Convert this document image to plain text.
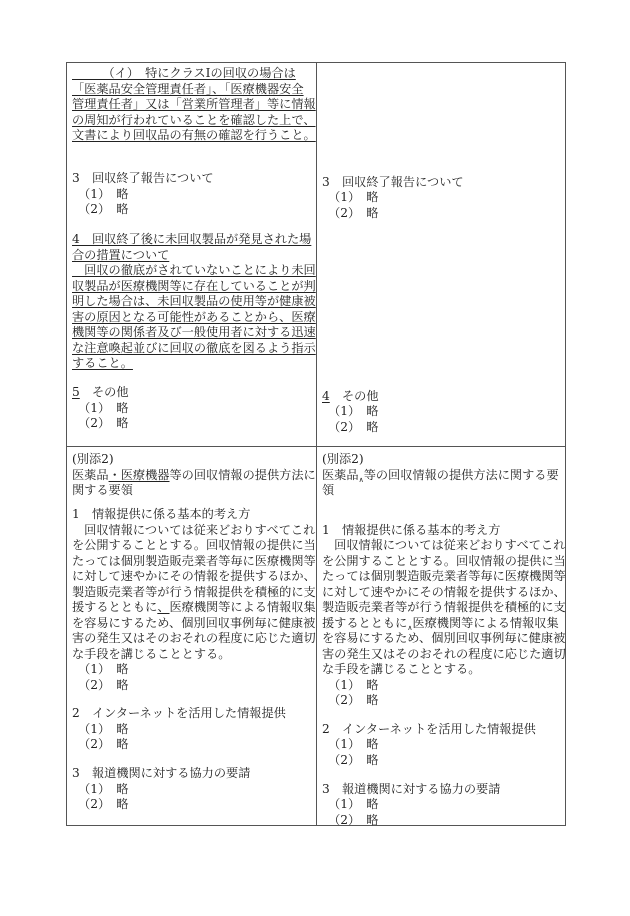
　　　（イ）　特にクラスⅠの回収の場合は
「医薬品安全管理責任者」、「医療機器安全
管理責任者」又は「営業所管理者」等に情報
の周知が行われていることを確認した上で、
文書により回収品の有無の確認を行うこと。
3　回収終了報告について
　（1）　略
　（2）　略
4　回収終了後に未回収製品が発見された場
合の措置について
　回収の徹底がされていないことにより未回
収製品が医療機関等に存在していることが判
明した場合は、未回収製品の使用等が健康被
害の原因となる可能性があることから、医療
機関等の関係者及び一般使用者に対する迅速
な注意喚起並びに回収の徹底を図るよう指示
すること。
5　その他
　（1）　略
　（2）　略
3　回収終了報告について
　（1）　略
　（2）　略
4　その他
　（1）　略
　（2）　略
(別添2)
医薬品・医療機器等の回収情報の提供方法に
関する要領
1　情報提供に係る基本的考え方
　回収情報については従来どおりすべてこれ
を公開することとする。回収情報の提供に当
たっては個別製造販売業者等毎に医療機関等
に対して速やかにその情報を提供するほか、
製造販売業者等が行う情報提供を積極的に支
援するとともに、医療機関等による情報収集
を容易にするため、個別回収事例毎に健康被
害の発生又はそのおそれの程度に応じた適切
な手段を講じることとする。
　（1）　略
　（2）　略
2　インターネットを活用した情報提供
　（1）　略
　（2）　略
3　報道機関に対する協力の要請
　（1）　略
　（2）　略
(別添2)
医薬品$_\wedge$等の回収情報の提供方法に関する要
領
1　情報提供に係る基本的考え方
　回収情報については従来どおりすべてこれ
を公開することとする。回収情報の提供に当
たっては個別製造販売業者等毎に医療機関等
に対して速やかにその情報を提供するほか、
製造販売業者等が行う情報提供を積極的に支
援するとともに$_\wedge$医療機関等による情報収集
を容易にするため、個別回収事例毎に健康被
害の発生又はそのおそれの程度に応じた適切
な手段を講じることとする。
　（1）　略
　（2）　略
2　インターネットを活用した情報提供
　（1）　略
　（2）　略
3　報道機関に対する協力の要請
　（1）　略
　（2）　略
